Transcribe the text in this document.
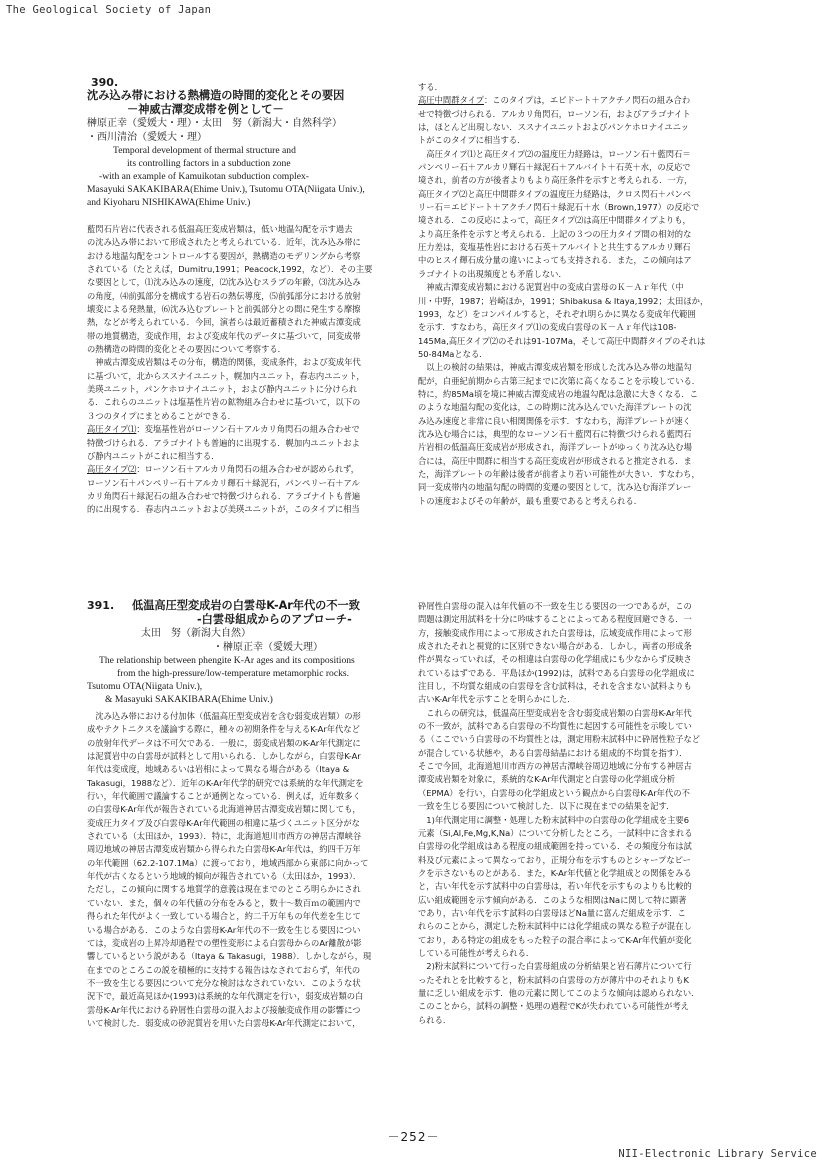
The Geological Society of Japan
390.
沈み込み帯における熱構造の時間的変化とその要因
－神威古潭変成帯を例として－
榊原正幸（愛媛大・理）・太田　努（新潟大・自然科学）
・西川清治（愛媛大・理）
Temporal development of thermal structure and
its controlling factors in a subduction zone
-with an example of Kamuikotan subduction complex-
Masayuki SAKAKIBARA(Ehime Univ.), Tsutomu OTA(Niigata Univ.),
and Kiyoharu NISHIKAWA(Ehime Univ.)
藍閃石片岩に代表される低温高圧変成岩類は，低い地温勾配を示す過去
の沈み込み帯において形成されたと考えられている．近年，沈み込み帯に
おける地温勾配をコントロールする要因が，熱構造のモデリングから考察
されている（たとえば，Dumitru,1991；Peacock,1992，など）．その主要
な要因として，⑴沈み込みの速度，⑵沈み込むスラブの年齢，⑶沈み込み
の角度，⑷前弧部分を構成する岩石の熱伝導度，⑸前弧部分における放射
壊変による発熱量，⑹沈み込むプレートと前弧部分との間に発生する摩擦
熱，などが考えられている．今回，演者らは最近蓄積された神威古潭変成
帯の地質構造，変成作用，および変成年代のデータに基づいて，同変成帯
の熱構造の時間的変化とその要因について考察する．
　神威古潭変成岩類はその分布，構造的関係，変成条件，および変成年代
に基づいて，北からススナイユニット，幌加内ユニット，春志内ユニット，
美瑛ユニット，パンケホロナイユニット，および静内ユニットに分けられ
る．これらのユニットは塩基性片岩の鉱物組み合わせに基づいて，以下の
３つのタイプにまとめることができる．
高圧タイプ⑴：変塩基性岩がローソン石＋アルカリ角閃石の組み合わせで
特徴づけられる．アラゴナイトも普遍的に出現する．幌加内ユニットおよ
び静内ユニットがこれに相当する．
高圧タイプ⑵：ローソン石＋アルカリ角閃石の組み合わせが認められず，
ローソン石＋パンペリー石＋アルカリ輝石＋緑泥石，パンペリー石＋アル
カリ角閃石＋緑泥石の組み合わせで特徴づけられる．アラゴナイトも普遍
的に出現する．春志内ユニットおよび美瑛ユニットが，このタイプに相当
する．
高圧中間群タイプ：このタイプは，エピドート＋アクチノ閃石の組み合わ
せで特徴づけられる．アルカリ角閃石，ローソン石，およびアラゴナイト
は，ほとんど出現しない．ススナイユニットおよびパンケホロナイユニッ
トがこのタイプに相当する．
　高圧タイプ⑴と高圧タイプ⑵の温度圧力経路は，ローソン石＋藍閃石＝
パンペリー石＋アルカリ輝石＋緑泥石＋アルバイト＋石英＋水，の反応で
境され，前者の方が後者よりもより高圧条件を示すと考えられる．一方，
高圧タイプ⑵と高圧中間群タイプの温度圧力経路は，クロス閃石＋パンペ
リー石＝エピドート＋アクチノ閃石＋緑泥石＋水（Brown,1977）の反応で
境される．この反応によって，高圧タイプ⑵は高圧中間群タイプよりも，
より高圧条件を示すと考えられる．上記の３つの圧力タイプ間の相対的な
圧力差は，変塩基性岩における石英＋アルバイトと共生するアルカリ輝石
中のヒスイ輝石成分量の違いによっても支持される．また，この傾向はア
ラゴナイトの出現頻度とも矛盾しない．
　神威古潭変成岩類における泥質岩中の変成白雲母のＫ－Ａｒ年代（中
川・中野，1987；岩崎ほか，1991；Shibakusa & Itaya,1992；太田ほか，
1993，など）をコンパイルすると，それぞれ明らかに異なる変成年代範囲
を示す．すなわち，高圧タイプ⑴の変成白雲母のＫ－Ａｒ年代は108-
145Ma,高圧タイプ⑵のそれは91-107Ma，そして高圧中間群タイプのそれは
50-84Maとなる．
　以上の検討の結果は，神威古潭変成岩類を形成した沈み込み帯の地温勾
配が，白亜紀前期から古第三紀までに次第に高くなることを示唆している．
特に，約85Ma頃を境に神威古潭変成岩の地温勾配は急激に大きくなる．こ
のような地温勾配の変化は，この時期に沈み込んでいた海洋プレートの沈
み込み速度と非常に良い相関関係を示す．すなわち，海洋プレートが速く
沈み込む場合には，典型的なローソン石＋藍閃石に特徴づけられる藍閃石
片岩相の低温高圧変成岩が形成され，海洋プレートがゆっくり沈み込む場
合には，高圧中間群に相当する高圧変成岩が形成されると推定される．ま
た，海洋プレートの年齢は後者が前者より若い可能性が大きい．すなわち，
同一変成帯内の地温勾配の時間的変遷の要因として，沈み込む海洋プレー
トの速度およびその年齢が，最も重要であると考えられる．
391. 低温高圧型変成岩の白雲母K-Ar年代の不一致
-白雲母組成からのアプローチ-
太田　努（新潟大自然）
・榊原正幸（愛媛大理）
The relationship between phengite K-Ar ages and its compositions
from the high-pressure/low-temperature metamorphic rocks.
Tsutomu OTA(Niigata Univ.),
& Masayuki SAKAKIBARA(Ehime Univ.)
　沈み込み帯における付加体（低温高圧型変成岩を含む弱変成岩類）の形
成やテクトニクスを議論する際に，種々の初期条件を与えるK-Ar年代など
の放射年代データは不可欠である．一般に，弱変成岩類のK-Ar年代測定に
は泥質岩中の白雲母が試料として用いられる．しかしながら，白雲母K-Ar
年代は変成度，地域あるいは岩相によって異なる場合がある（Itaya &
Takasugi，1988など）．近年のK-Ar年代学的研究では系統的な年代測定を
行い，年代範囲で議論することが通例となっている．例えば，近年数多く
の白雲母K-Ar年代が報告されている北海道神居古潭変成岩類に関しても，
変成圧力タイプ及び白雲母K-Ar年代範囲の相違に基づくユニット区分がな
されている（太田ほか，1993）．特に，北海道旭川市西方の神居古潭峡谷
周辺地域の神居古潭変成岩類から得られた白雲母K-Ar年代は，約四千万年
の年代範囲（62.2-107.1Ma）に渡っており，地域西部から東部に向かって
年代が古くなるという地域的傾向が報告されている（太田ほか，1993）．
ただし，この傾向に関する地質学的意義は現在までのところ明らかにされ
ていない．また，個々の年代値の分布をみると，数十～数百ｍの範囲内で
得られた年代がよく一致している場合と，約二千万年もの年代差を生じて
いる場合がある．このような白雲母K-Ar年代の不一致を生じる要因につい
ては，変成岩の上昇冷却過程での塑性変形による白雲母からのAr離散が影
響しているという説がある（Itaya & Takasugi，1988）．しかしながら，現
在までのところこの説を積極的に支持する報告はなされておらず，年代の
不一致を生じる要因について充分な検討はなされていない．このような状
況下で，最近高見ほか(1993)は系統的な年代測定を行い，弱変成岩類の白
雲母K-Ar年代における砕屑性白雲母の混入および接触変成作用の影響につ
いて検討した．弱変成の砂泥質岩を用いた白雲母K-Ar年代測定において，
砕屑性白雲母の混入は年代値の不一致を生じる要因の一つであるが，この
問題は測定用試料を十分に吟味することによってある程度回避できる．一
方，接触変成作用によって形成された白雲母は，広域変成作用によって形
成されたそれと視覚的に区別できない場合がある．しかし，両者の形成条
件が異なっていれば，その相違は白雲母の化学組成にも少なからず反映さ
れているはずである．平島ほか(1992)は，試料である白雲母の化学組成に
注目し，不均質な組成の白雲母を含む試料は，それを含まない試料よりも
古いK-Ar年代を示すことを明らかにした．
　これらの研究は，低温高圧型変成岩を含む弱変成岩類の白雲母K-Ar年代
の不一致が，試料である白雲母の不均質性に起因する可能性を示唆してい
る（ここでいう白雲母の不均質性とは，測定用粉末試料中に砕屑性粒子など
が混合している状態や，ある白雲母結晶における組成的不均質を指す）．
そこで今回，北海道旭川市西方の神居古潭峡谷周辺地域に分布する神居古
潭変成岩類を対象に，系統的なK-Ar年代測定と白雲母の化学組成分析
（EPMA）を行い，白雲母の化学組成という観点から白雲母K-Ar年代の不
一致を生じる要因について検討した．以下に現在までの結果を記す．
　1)年代測定用に調整・処理した粉末試料中の白雲母の化学組成を主要6
元素（Si,Al,Fe,Mg,K,Na）について分析したところ，一試料中に含まれる
白雲母の化学組成はある程度の組成範囲を持っている．その頻度分布は試
料及び元素によって異なっており，正規分布を示すものとシャープなピー
クを示さないものとがある．また，K-Ar年代値と化学組成との関係をみる
と，古い年代を示す試料中の白雲母は，若い年代を示すものよりも比較的
広い組成範囲を示す傾向がある．このような相関はNaに関して特に顕著
であり，古い年代を示す試料の白雲母ほどNa量に富んだ組成を示す．こ
れらのことから，測定した粉末試料中には化学組成の異なる粒子が混在し
ており，ある特定の組成をもった粒子の混合率によってK-Ar年代値が変化
している可能性が考えられる．
　2)粉末試料について行った白雲母組成の分析結果と岩石薄片について行
ったそれとを比較すると，粉末試料の白雲母の方が薄片中のそれよりもK
量に乏しい組成を示す．他の元素に関してこのような傾向は認められない．
このことから，試料の調整・処理の過程でKが失われている可能性が考え
られる．
－252－
NII-Electronic Library Service
